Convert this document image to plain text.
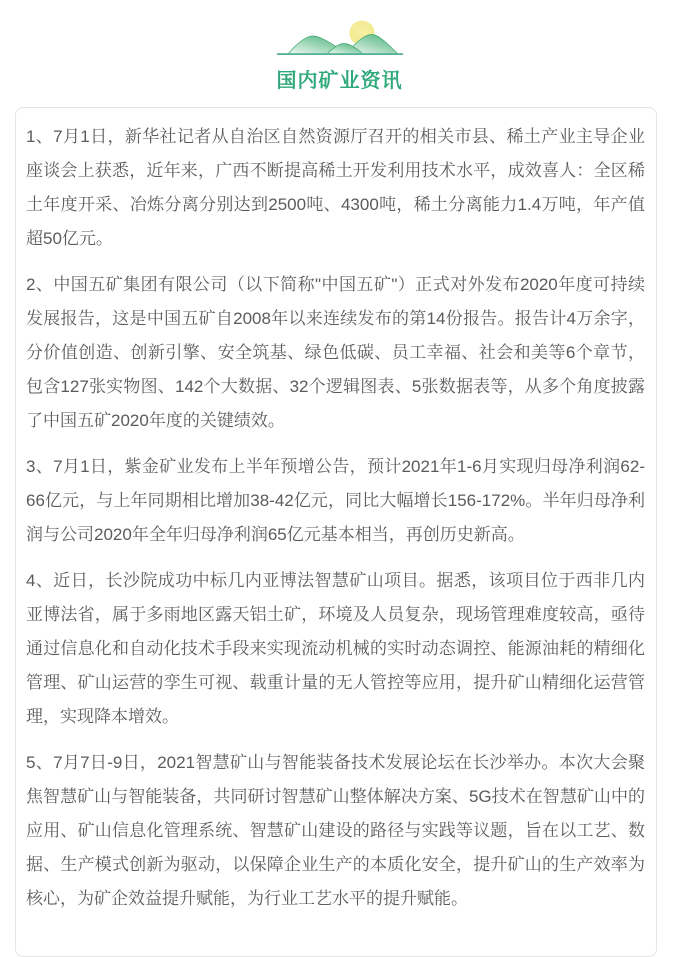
国内矿业资讯

1、7月1日，新华社记者从自治区自然资源厅召开的相关市县、稀土产业主导企业座谈会上获悉，近年来，广西不断提高稀土开发利用技术水平，成效喜人：全区稀土年度开采、冶炼分离分别达到2500吨、4300吨，稀土分离能力1.4万吨，年产值超50亿元。

2、中国五矿集团有限公司（以下简称"中国五矿"）正式对外发布2020年度可持续发展报告，这是中国五矿自2008年以来连续发布的第14份报告。报告计4万余字，分价值创造、创新引擎、安全筑基、绿色低碳、员工幸福、社会和美等6个章节，包含127张实物图、142个大数据、32个逻辑图表、5张数据表等，从多个角度披露了中国五矿2020年度的关键绩效。

3、7月1日，紫金矿业发布上半年预增公告，预计2021年1-6月实现归母净利润62-66亿元，与上年同期相比增加38-42亿元，同比大幅增长156-172%。半年归母净利润与公司2020年全年归母净利润65亿元基本相当，再创历史新高。

4、近日，长沙院成功中标几内亚博法智慧矿山项目。据悉，该项目位于西非几内亚博法省，属于多雨地区露天铝土矿，环境及人员复杂，现场管理难度较高，亟待通过信息化和自动化技术手段来实现流动机械的实时动态调控、能源油耗的精细化管理、矿山运营的孪生可视、载重计量的无人管控等应用，提升矿山精细化运营管理，实现降本增效。

5、7月7日-9日，2021智慧矿山与智能装备技术发展论坛在长沙举办。本次大会聚焦智慧矿山与智能装备，共同研讨智慧矿山整体解决方案、5G技术在智慧矿山中的应用、矿山信息化管理系统、智慧矿山建设的路径与实践等议题，旨在以工艺、数据、生产模式创新为驱动，以保障企业生产的本质化安全，提升矿山的生产效率为核心，为矿企效益提升赋能，为行业工艺水平的提升赋能。
